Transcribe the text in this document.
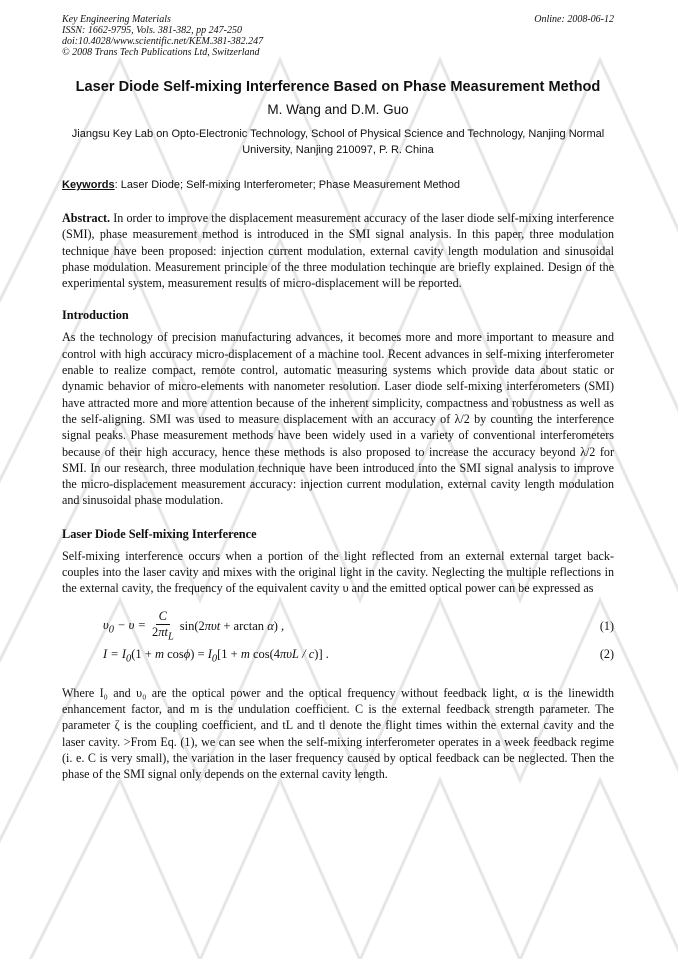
Key Engineering Materials
ISSN: 1662-9795, Vols. 381-382, pp 247-250
doi:10.4028/www.scientific.net/KEM.381-382.247
© 2008 Trans Tech Publications Ltd, Switzerland
Online: 2008-06-12
Laser Diode Self-mixing Interference Based on Phase Measurement Method
M. Wang and D.M. Guo
Jiangsu Key Lab on Opto-Electronic Technology, School of Physical Science and Technology, Nanjing Normal University, Nanjing 210097, P. R. China
Keywords: Laser Diode; Self-mixing Interferometer; Phase Measurement Method

Abstract. In order to improve the displacement measurement accuracy of the laser diode self-mixing interference (SMI), phase measurement method is introduced in the SMI signal analysis. In this paper, three modulation technique have been proposed: injection current modulation, external cavity length modulation and sinusoidal phase modulation. Measurement principle of the three modulation techinque are briefly explained. Design of the experimental system, measurement results of micro-displacement will be reported.

Introduction

As the technology of precision manufacturing advances, it becomes more and more important to measure and control with high accuracy micro-displacement of a machine tool. Recent advances in self-mixing interferometer enable to realize compact, remote control, automatic measuring systems which provide data about static or dynamic behavior of micro-elements with nanometer resolution. Laser diode self-mixing interferometers (SMI) have attracted more and more attention because of the inherent simplicity, compactness and robustness as well as the self-aligning. SMI was used to measure displacement with an accuracy of λ/2 by counting the interference signal peaks. Phase measurement methods have been widely used in a variety of conventional interferometers because of their high accuracy, hence these methods is also proposed to increase the accuracy beyond λ/2 for SMI. In our research, three modulation technique have been introduced into the SMI signal analysis to improve the micro-displacement measurement accuracy: injection current modulation, external cavity length modulation and sinusoidal phase modulation.

Laser Diode Self-mixing Interference

Self-mixing interference occurs when a portion of the light reflected from an external external target back-couples into the laser cavity and mixes with the original light in the cavity. Neglecting the multiple reflections in the external cavity, the frequency of the equivalent cavity υ and the emitted optical power can be expressed as

$\upsilon_0 - \upsilon = \frac{C}{2\pi t_L} \sin(2$ πυt + arctan α ) ,	(1)
$I = I_0(1 + m$ $\cos\phi) = I_0[1 + m$ cos(4πυL / c)] .	(2)

Where I₀ and υ₀ are the optical power and the optical frequency without feedback light, α is the linewidth enhancement factor, and m is the undulation coefficient. C is the external feedback strength parameter. The parameter ζ is the coupling coefficient, and tL and tl denote the flight times within the external cavity and the laser cavity. >From Eq. (1), we can see when the self-mixing interferometer operates in a week feedback regime (i. e. C is very small), the variation in the laser frequency caused by optical feedback can be neglected. Then the phase of the SMI signal only depends on the external cavity length.
